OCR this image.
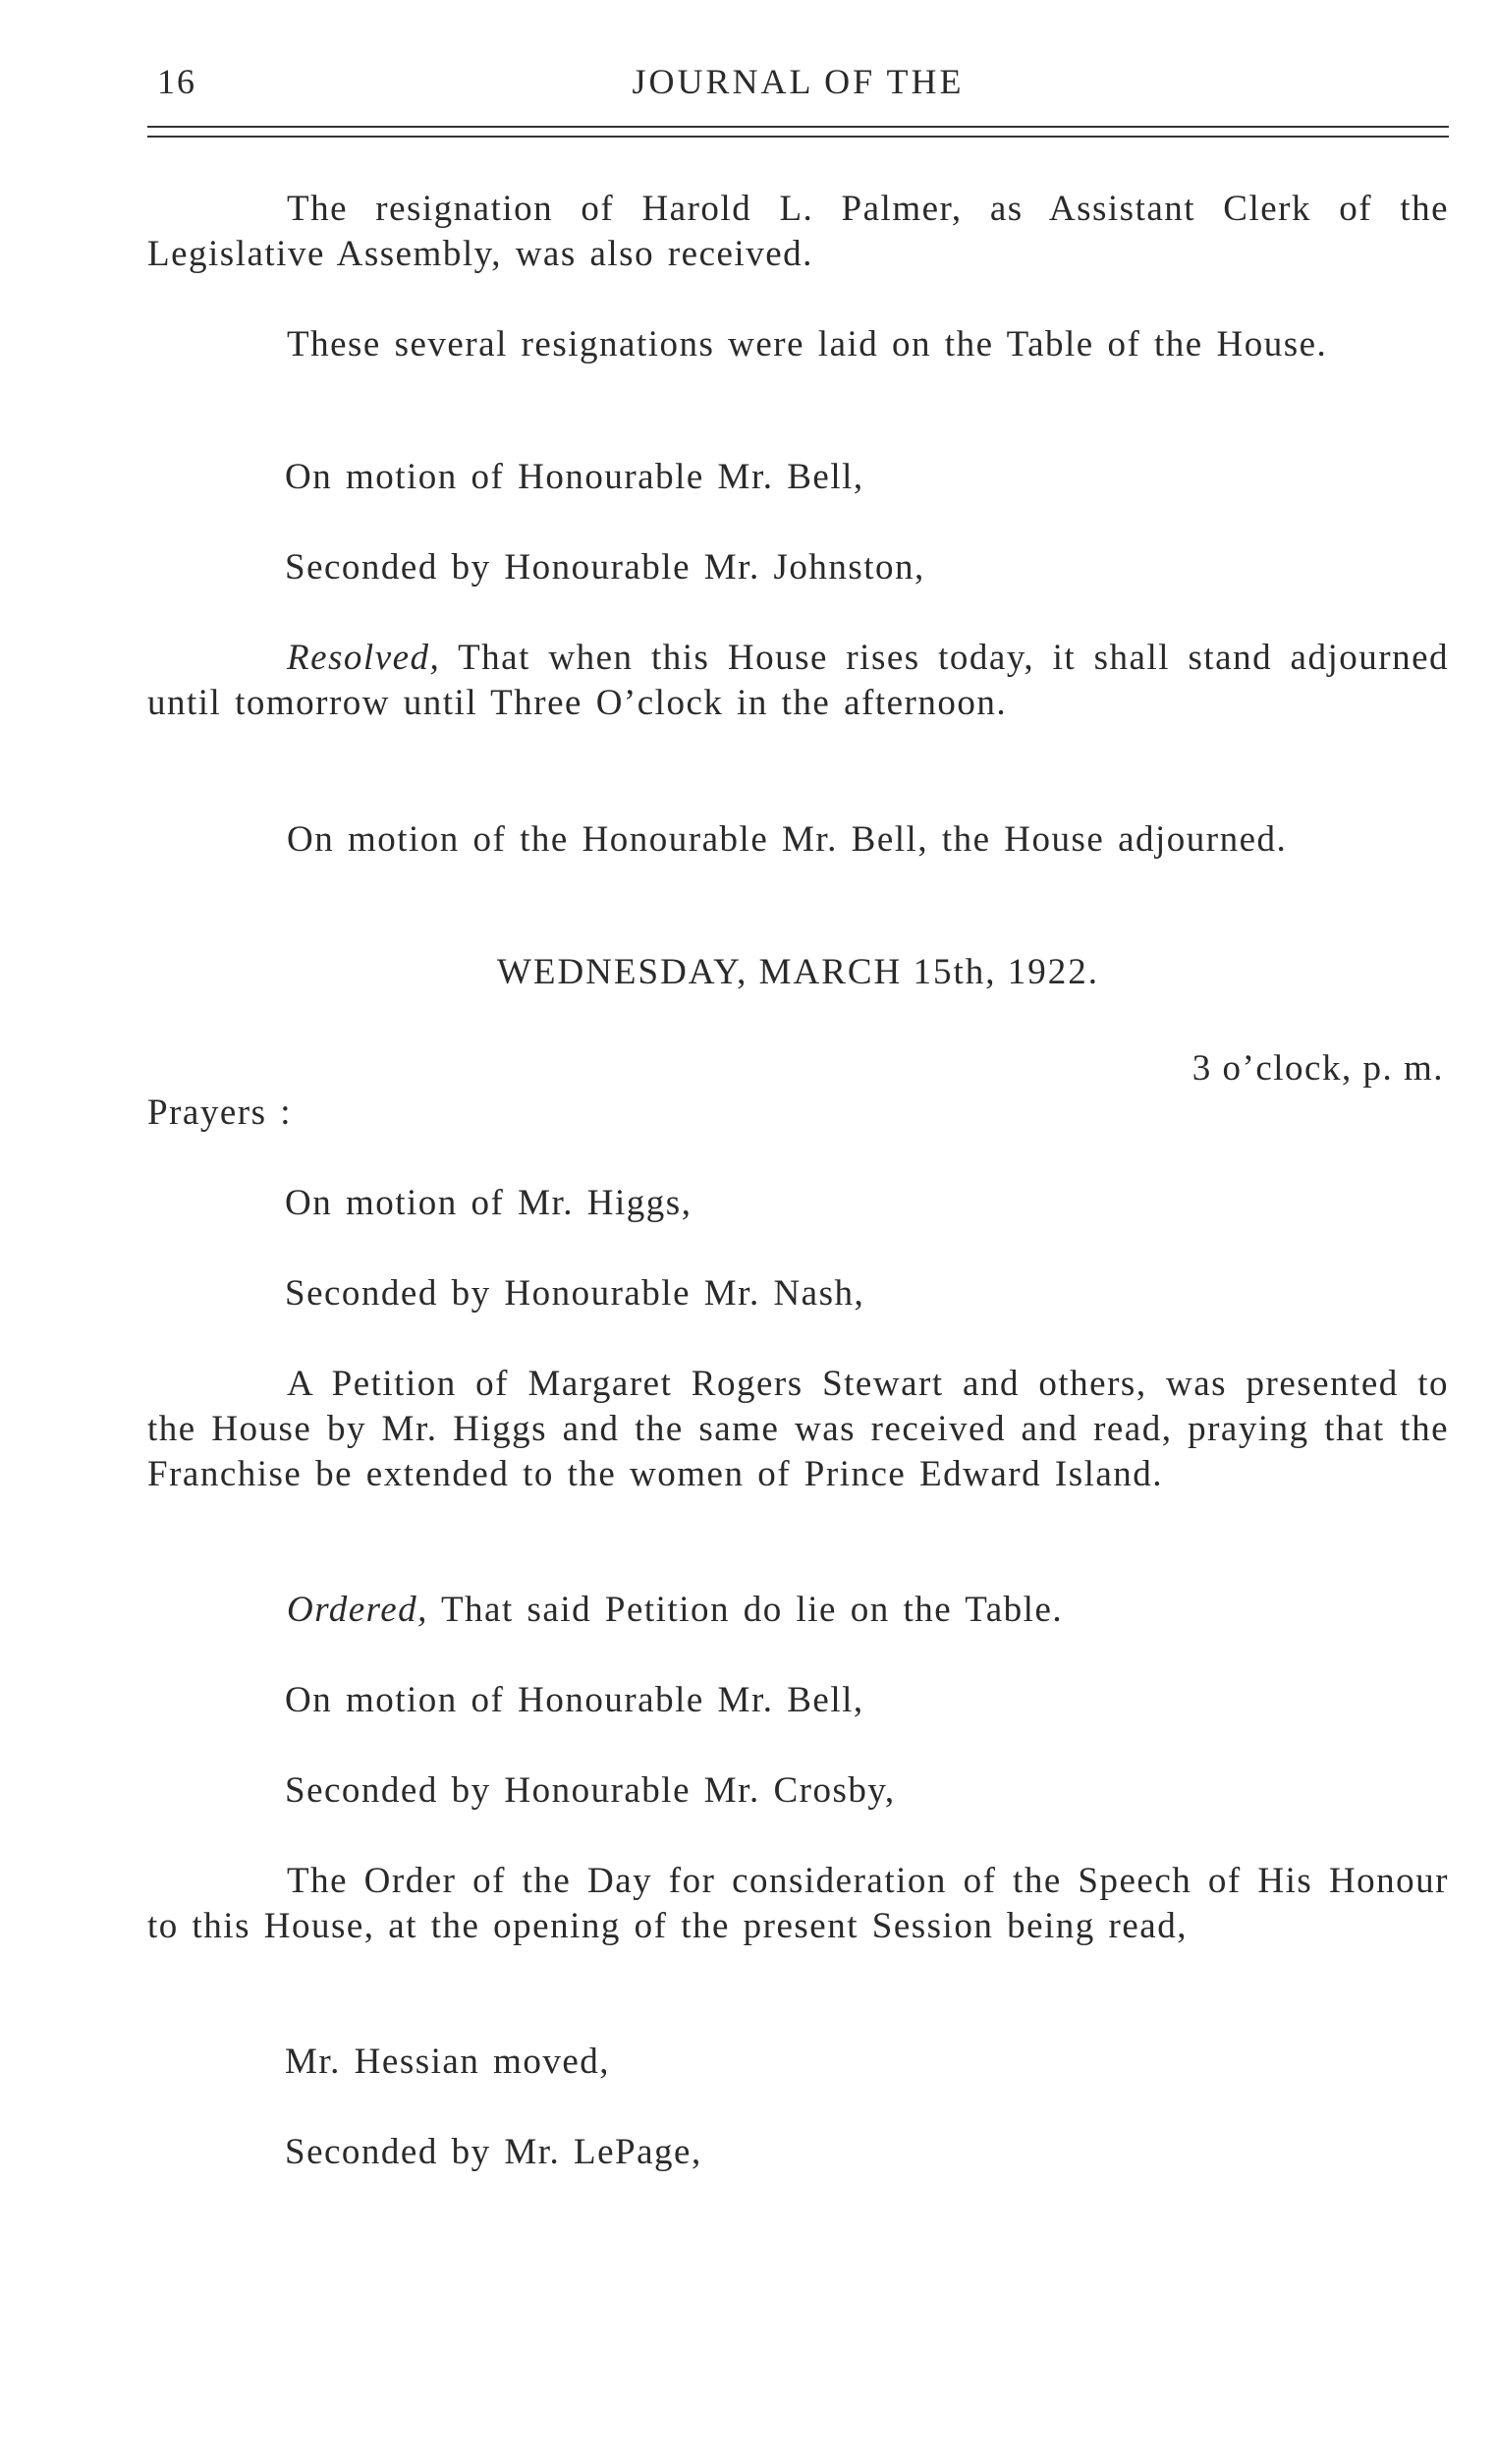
16	JOURNAL OF THE
The resignation of Harold L. Palmer, as Assistant Clerk of the Legislative Assembly, was also received.
These several resignations were laid on the Table of the House.
On motion of Honourable Mr. Bell,
Seconded by Honourable Mr. Johnston,
Resolved, That when this House rises today, it shall stand adjourned until tomorrow until Three O’clock in the afternoon.
On motion of the Honourable Mr. Bell, the House adjourned.
WEDNESDAY, MARCH 15th, 1922.
3 o’clock, p. m.
Prayers :
On motion of Mr. Higgs,
Seconded by Honourable Mr. Nash,
A Petition of Margaret Rogers Stewart and others, was presented to the House by Mr. Higgs and the same was received and read, praying that the Franchise be extended to the women of Prince Edward Island.
Ordered, That said Petition do lie on the Table.
On motion of Honourable Mr. Bell,
Seconded by Honourable Mr. Crosby,
The Order of the Day for consideration of the Speech of His Honour to this House, at the opening of the present Session being read,
Mr. Hessian moved,
Seconded by Mr. LePage,
